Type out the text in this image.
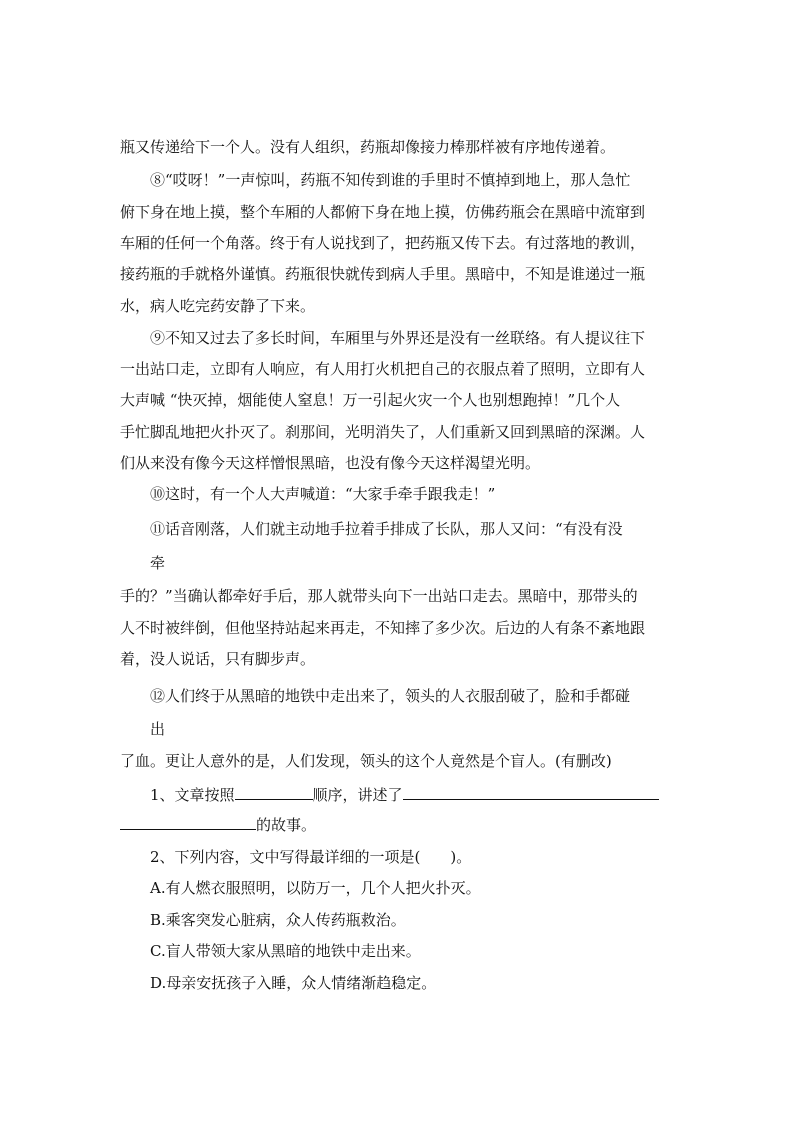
瓶又传递给下一个人。没有人组织，药瓶却像接力棒那样被有序地传递着。
⑧“哎呀！”一声惊叫，药瓶不知传到谁的手里时不慎掉到地上，那人急忙
俯下身在地上摸，整个车厢的人都俯下身在地上摸，仿佛药瓶会在黑暗中流窜到
车厢的任何一个角落。终于有人说找到了，把药瓶又传下去。有过落地的教训，
接药瓶的手就格外谨慎。药瓶很快就传到病人手里。黑暗中，不知是谁递过一瓶
水，病人吃完药安静了下来。
⑨不知又过去了多长时间，车厢里与外界还是没有一丝联络。有人提议往下
一出站口走，立即有人响应，有人用打火机把自己的衣服点着了照明，立即有人
大声喊 “快灭掉，烟能使人窒息！万一引起火灾一个人也别想跑掉！”几个人
手忙脚乱地把火扑灭了。刹那间，光明消失了，人们重新又回到黑暗的深渊。人
们从来没有像今天这样憎恨黑暗，也没有像今天这样渴望光明。
⑩这时，有一个人大声喊道：“大家手牵手跟我走！”
⑪话音刚落，人们就主动地手拉着手排成了长队，那人又问：“有没有没
牵
手的？”当确认都牵好手后，那人就带头向下一出站口走去。黑暗中，那带头的
人不时被绊倒，但他坚持站起来再走，不知摔了多少次。后边的人有条不紊地跟
着，没人说话，只有脚步声。
⑫人们终于从黑暗的地铁中走出来了，领头的人衣服刮破了，脸和手都碰
出
了血。更让人意外的是，人们发现，领头的这个人竟然是个盲人。(有删改)
1、文章按照	顺序，讲述了
的故事。
2、下列内容，文中写得最详细的一项是(　　)。
A.有人燃衣服照明，以防万一，几个人把火扑灭。
B.乘客突发心脏病，众人传药瓶救治。
C.盲人带领大家从黑暗的地铁中走出来。
D.母亲安抚孩子入睡，众人情绪渐趋稳定。
